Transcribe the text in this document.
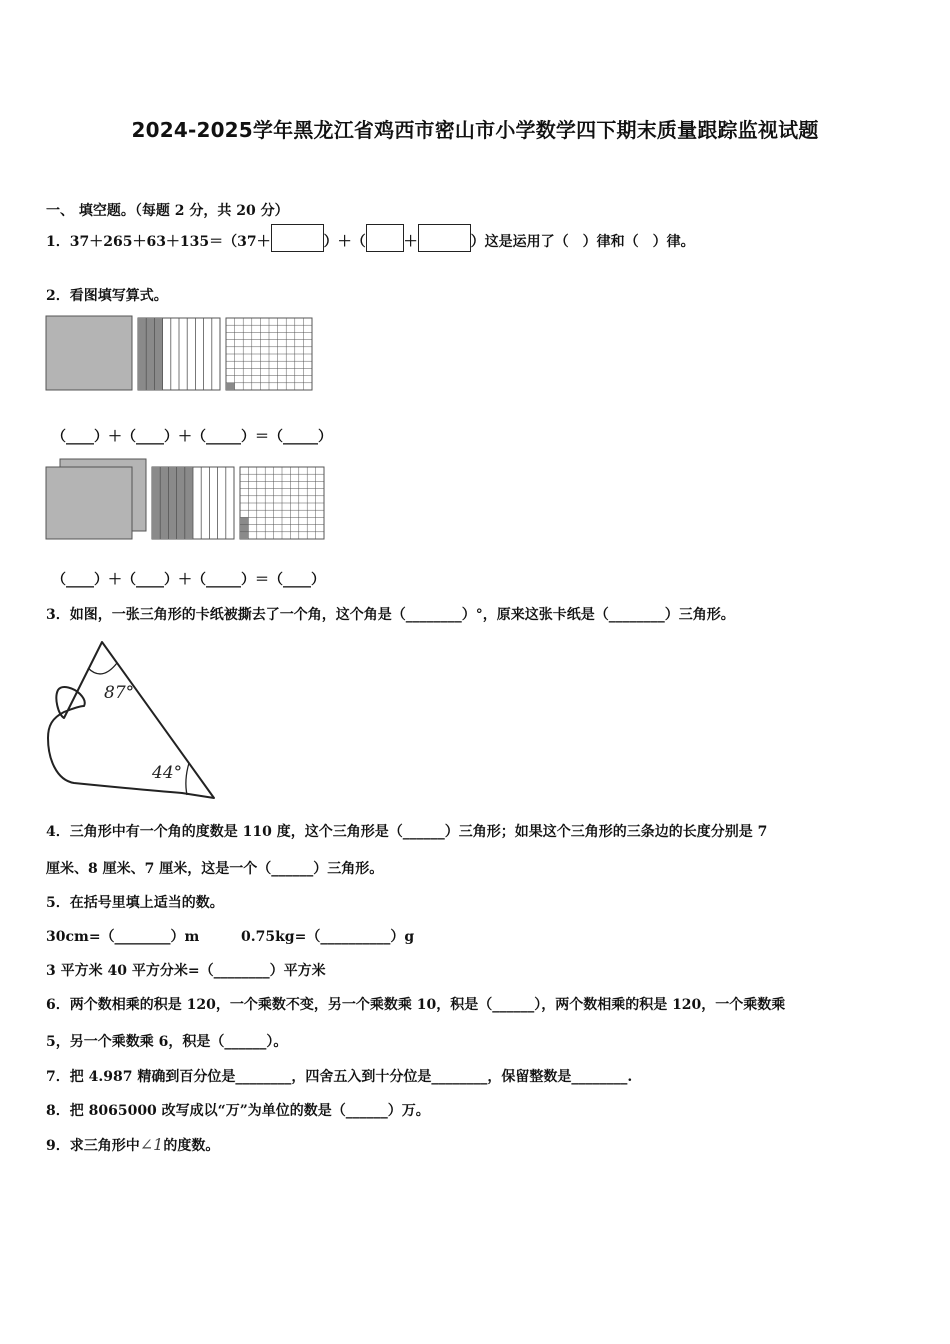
2024-2025学年黑龙江省鸡西市密山市小学数学四下期末质量跟踪监视试题
一、 填空题。（每题 2 分，共 20 分）
1．37＋265＋63＋135＝（37＋	）＋（	＋	）这是运用了（　）律和（　）律。
2．看图填写算式。
（____）＋（____）＋（_____）＝（_____）
（____）＋（____）＋（_____）＝（____）
3．如图，一张三角形的卡纸被撕去了一个角，这个角是（________）°，原来这张卡纸是（________）三角形。
87°
44°
4．三角形中有一个角的度数是 110 度，这个三角形是（______）三角形；如果这个三角形的三条边的长度分别是 7
厘米、8 厘米、7 厘米，这是一个（______）三角形。
5．在括号里填上适当的数。
30cm=（________）m	0.75kg=（__________）g
3 平方米 40 平方分米=（________）平方米
6．两个数相乘的积是 120，一个乘数不变，另一个乘数乘 10，积是（______），两个数相乘的积是 120，一个乘数乘
5，另一个乘数乘 6，积是（______）。
7．把 4.987 精确到百分位是________，四舍五入到十分位是________，保留整数是________.
8．把 8065000 改写成以“万”为单位的数是（______）万。
9．求三角形中∠1的度数。
